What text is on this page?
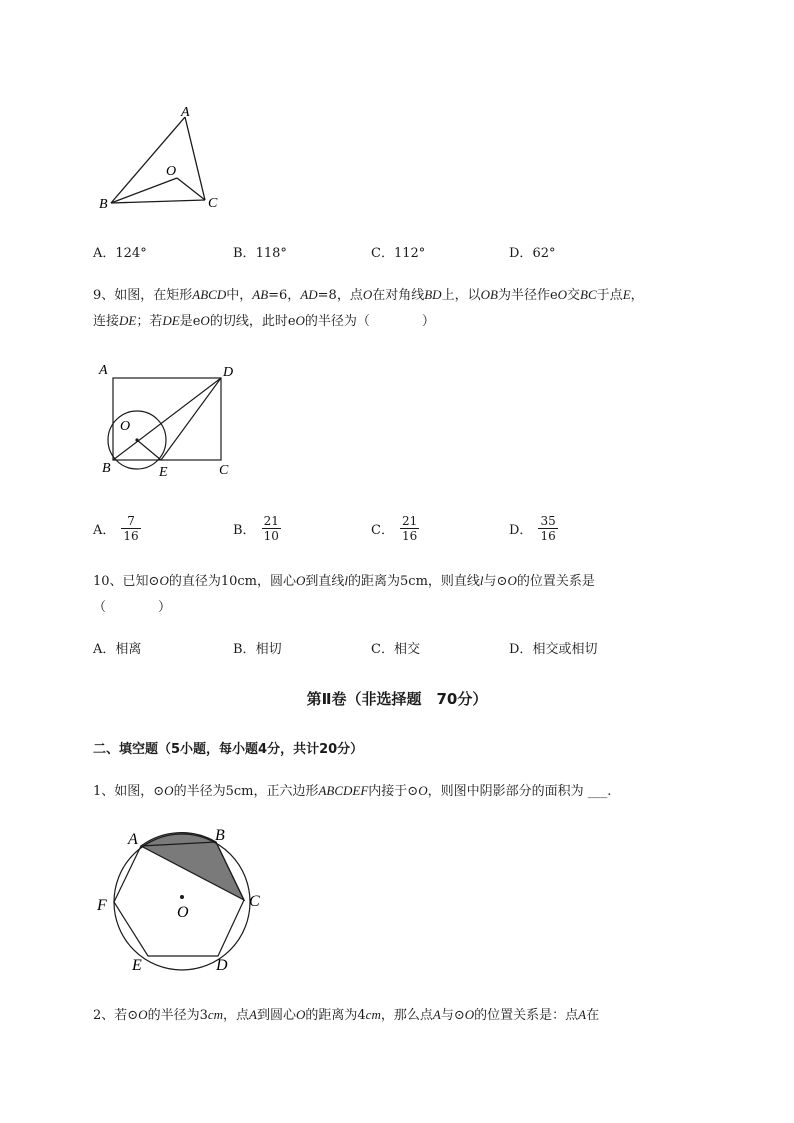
A
B	C
O
A．124°	B．118°	C．112°	D．62°
9、如图，在矩形ABCD中，AB=6，AD=8，点O在对角线BD上，以OB为半径作eO交BC于点E，
连接DE；若DE是eO的切线，此时eO的半径为（　　　　）
A	D
O
B	E	C
A． $\frac{7}{16}$	B． $\frac{21}{10}$	C． $\frac{21}{16}$	D． $\frac{35}{16}$
10、已知⊙O的直径为10cm，圆心O到直线l的距离为5cm，则直线l与⊙O的位置关系是
（　　　　）
A．相离	B．相切	C．相交	D．相交或相切
第Ⅱ卷（非选择题　70分）
二、填空题（5小题，每小题4分，共计20分）
1、如图，⊙O的半径为5cm，正六边形ABCDEF内接于⊙O，则图中阴影部分的面积为 ___.
A	B
C
D
E
F	O
2、若⊙O的半径为3cm，点A到圆心O的距离为4cm，那么点A与⊙O的位置关系是：点A在
